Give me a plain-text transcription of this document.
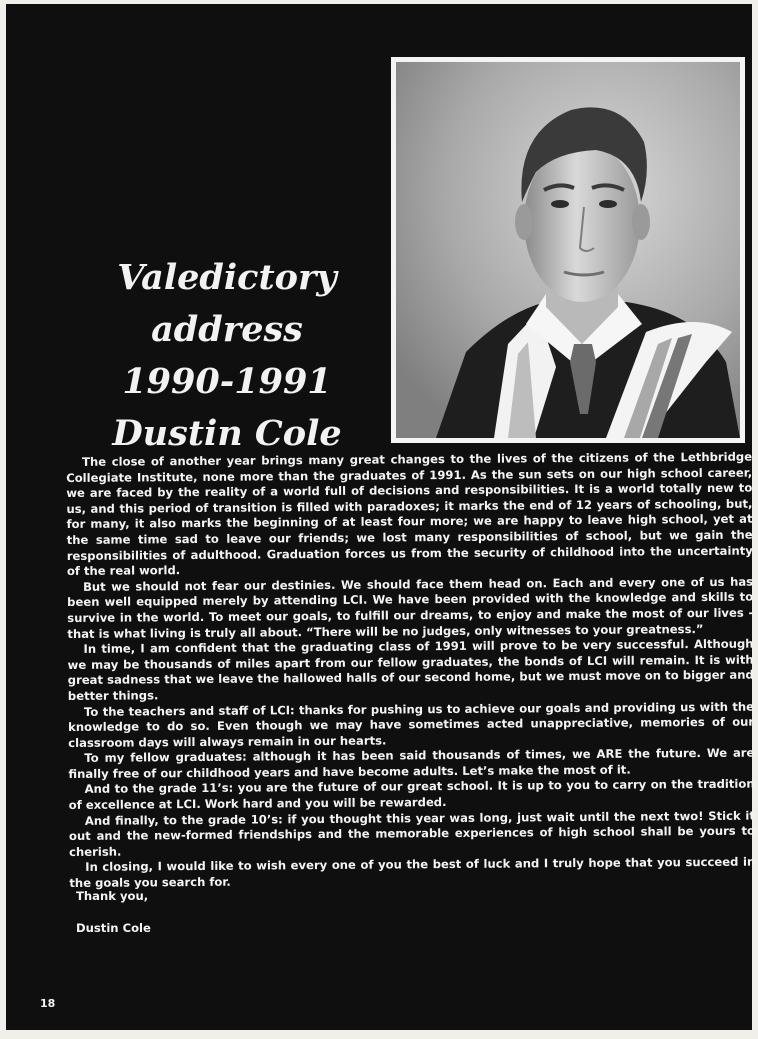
Valedictory
address
1990-1991
Dustin Cole

The close of another year brings many great changes to the lives of the citizens of the Lethbridge Collegiate Institute, none more than the graduates of 1991. As the sun sets on our high school career, we are faced by the reality of a world full of decisions and responsibilities. It is a world totally new to us, and this period of transition is filled with paradoxes; it marks the end of 12 years of schooling, but, for many, it also marks the beginning of at least four more; we are happy to leave high school, yet at the same time sad to leave our friends; we lost many responsibilities of school, but we gain the responsibilities of adulthood. Graduation forces us from the security of childhood into the uncertainty of the real world.

But we should not fear our destinies. We should face them head on. Each and every one of us has been well equipped merely by attending LCI. We have been provided with the knowledge and skills to survive in the world. To meet our goals, to fulfill our dreams, to enjoy and make the most of our lives - that is what living is truly all about. “There will be no judges, only witnesses to your greatness.”

In time, I am confident that the graduating class of 1991 will prove to be very successful. Although we may be thousands of miles apart from our fellow graduates, the bonds of LCI will remain. It is with great sadness that we leave the hallowed halls of our second home, but we must move on to bigger and better things.

To the teachers and staff of LCI: thanks for pushing us to achieve our goals and providing us with the knowledge to do so. Even though we may have sometimes acted unappreciative, memories of our classroom days will always remain in our hearts.

To my fellow graduates: although it has been said thousands of times, we ARE the future. We are finally free of our childhood years and have become adults. Let’s make the most of it.

And to the grade 11’s: you are the future of our great school. It is up to you to carry on the tradition of excellence at LCI. Work hard and you will be rewarded.

And finally, to the grade 10’s: if you thought this year was long, just wait until the next two! Stick it out and the new-formed friendships and the memorable experiences of high school shall be yours to cherish.

In closing, I would like to wish every one of you the best of luck and I truly hope that you succeed in the goals you search for.

Thank you,

Dustin Cole

18
